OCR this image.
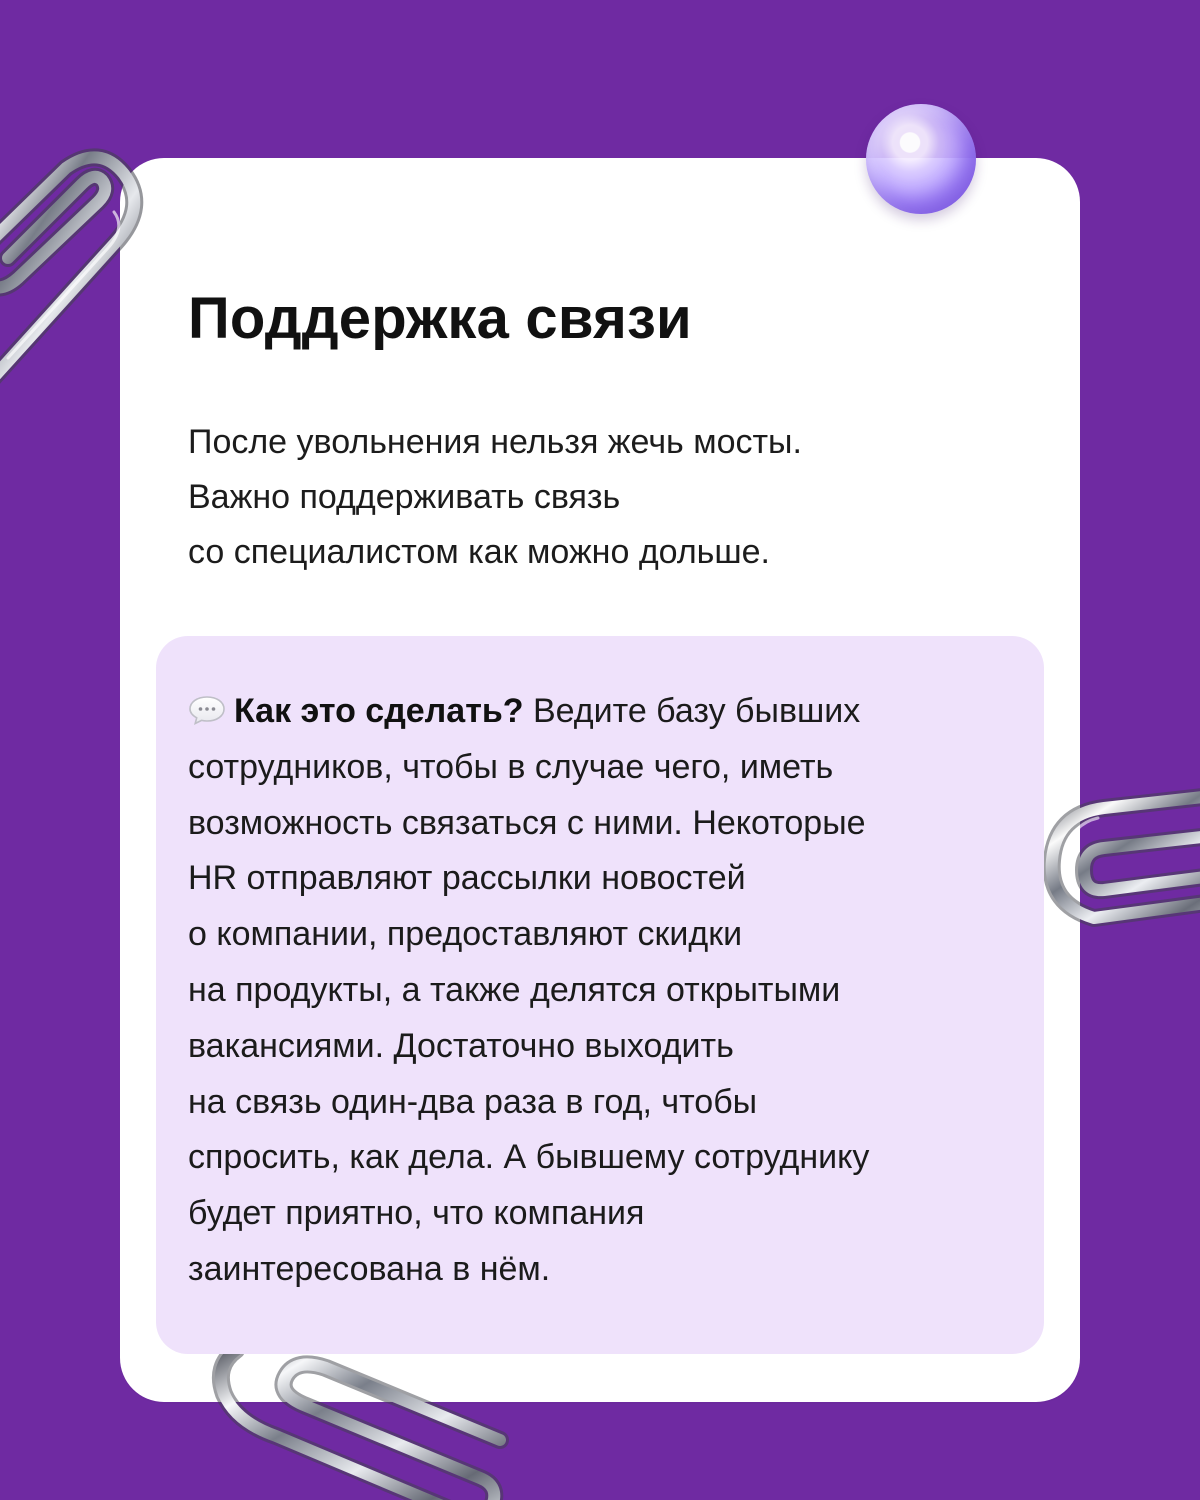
Поддержка связи
После увольнения нельзя жечь мосты.
Важно поддерживать связь
со специалистом как можно дольше.
Как это сделать? Ведите базу бывших
сотрудников, чтобы в случае чего, иметь
возможность связаться с ними. Некоторые
HR отправляют рассылки новостей
о компании, предоставляют скидки
на продукты, а также делятся открытыми
вакансиями. Достаточно выходить
на связь один-два раза в год, чтобы
спросить, как дела. А бывшему сотруднику
будет приятно, что компания
заинтересована в нём.
